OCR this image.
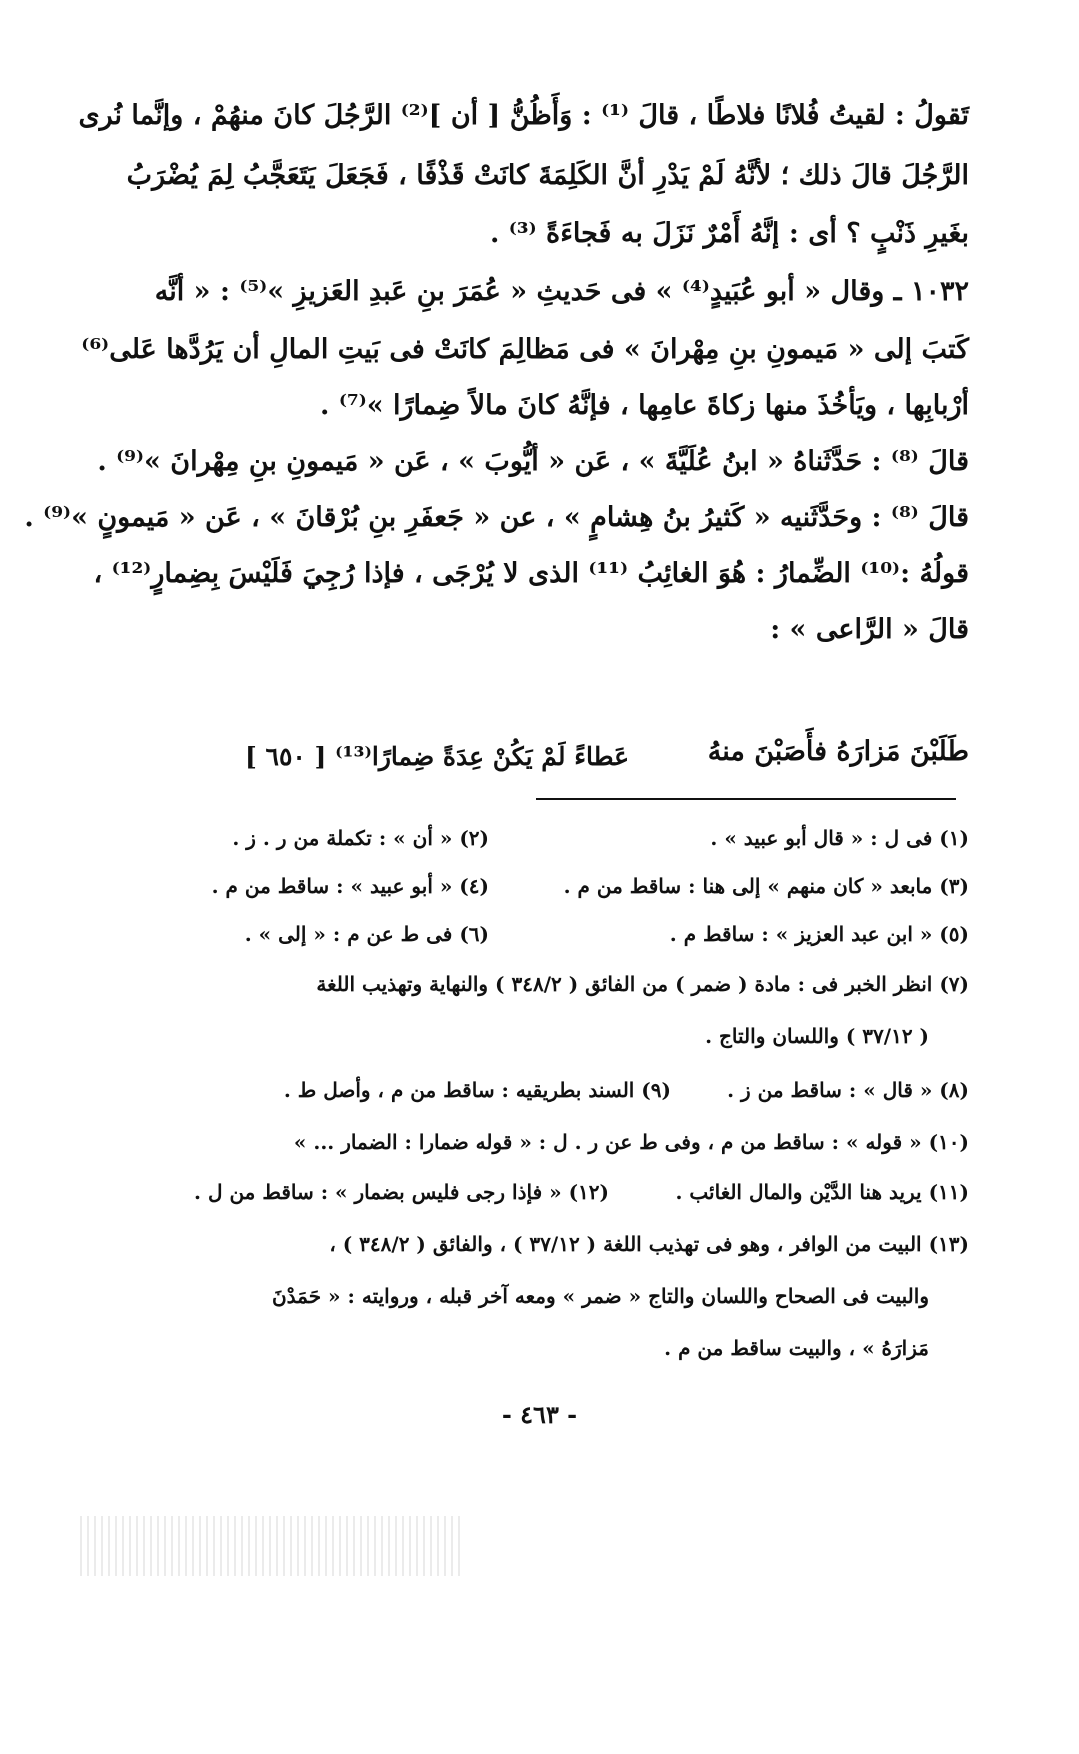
تَقولُ : لقيتُ فُلانًا فلاطًا ، قالَ ⁽¹⁾ : وَأَظُنُّ [ أن ]⁽²⁾ الرَّجُلَ كانَ منهُمْ ، وإنَّما نُرى
الرَّجُلَ قالَ ذلك ؛ لأنَّهُ لَمْ يَدْرِ أنَّ الكَلِمَةَ كانَتْ قَذْفًا ، فَجَعَلَ يَتَعَجَّبُ لِمَ يُضْرَبُ
بغَيرِ ذَنْبٍ ؟ أى : إنَّهُ أَمْرٌ نَزَلَ به فَجاءَةً ⁽³⁾ .
١٠٣٢ ـ وقال « أبو عُبَيدٍ⁽⁴⁾ » فى حَديثِ « عُمَرَ بنِ عَبدِ العَزيزِ »⁽⁵⁾ : « أنَّه
كَتبَ إلى « مَيمونِ بنِ مِهْرانَ » فى مَظالِمَ كانَتْ فى بَيتِ المالِ أن يَرُدَّها عَلى⁽⁶⁾
أرْبابِها ، ويَأخُذَ منها زكاةَ عامِها ، فإنَّهُ كانَ مالاً ضِمارًا »⁽⁷⁾ .
قالَ ⁽⁸⁾ : حَدَّثَناهُ « ابنُ عُلَيَّةَ » ، عَن « أيُّوبَ » ، عَن « مَيمونِ بنِ مِهْرانَ »⁽⁹⁾ .
قالَ ⁽⁸⁾ : وحَدَّثَنيه « كَثيرُ بنُ هِشامٍ » ، عن « جَعفَرِ بنِ بُرْقانَ » ، عَن « مَيمونٍ »⁽⁹⁾ .
قولُهُ :⁽¹⁰⁾ الضِّمارُ : هُوَ الغائِبُ ⁽¹¹⁾ الذى لا يُرْجَى ، فإذا رُجِيَ فَلَيْسَ بِضِمارٍ⁽¹²⁾ ،
قالَ « الرَّاعى » :
طَلَبْنَ مَزارَهُ فأَصَبْنَ منهُ
عَطاءً لَمْ يَكُنْ عِدَةً ضِمارًا⁽¹³⁾ [ ٦٥٠ ]
(١) فى ل : « قال أبو عبيد » .
(٢) « أن » : تكملة من ر . ز .
(٣) مابعد « كان منهم » إلى هنا : ساقط من م .
(٤) « أبو عبيد » : ساقط من م .
(٥) « ابن عبد العزيز » : ساقط م .
(٦) فى ط عن م : « إلى » .
(٧) انظر الخبر فى : مادة ( ضمر ) من الفائق ( ٣٤٨/٢ ) والنهاية وتهذيب اللغة
( ٣٧/١٢ ) واللسان والتاج .
(٨) « قال » : ساقط من ز .
(٩) السند بطريقيه : ساقط من م ، وأصل ط .
(١٠) « قوله » : ساقط من م ، وفى ط عن ر . ل : « قوله ضمارا : الضمار ... »
(١١) يريد هنا الدَّيْن والمال الغائب .
(١٢) « فإذا رجى فليس بضمار » : ساقط من ل .
(١٣) البيت من الوافر ، وهو فى تهذيب اللغة ( ٣٧/١٢ ) ، والفائق ( ٣٤٨/٢ ) ،
والبيت فى الصحاح واللسان والتاج « ضمر » ومعه آخر قبله ، وروايته : « حَمَدْنَ
مَزارَهُ » ، والبيت ساقط من م .
- ٤٦٣ -
